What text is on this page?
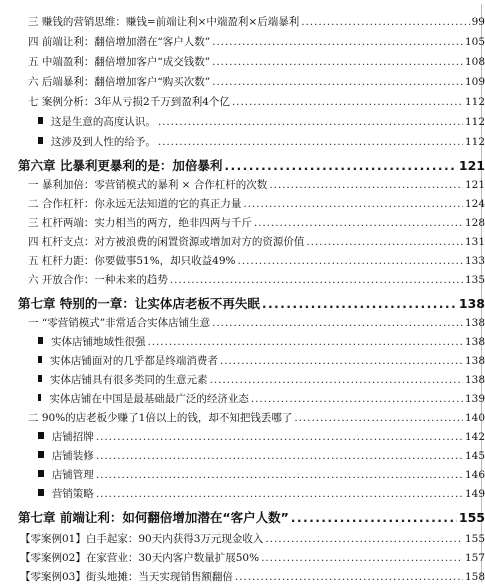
三 赚钱的营销思维：赚钱=前端让利×中端盈利×后端暴利 . . .	99
四 前端让利：翻倍增加潜在“客户人数” . . .	105
五 中端盈利：翻倍增加客户“成交钱数” . . .	108
六 后端暴利：翻倍增加客户“购买次数” . . .	109
七 案例分析：3年从亏损2千万到盈利4个亿 . . .	112
这是生意的高度认识。 . . .	112
这涉及到人性的给予。 . . .	112
第六章 比暴利更暴利的是：加倍暴利 . . .	121
一 暴利加倍：零营销模式的暴利 × 合作杠杆的次数 . . .	121
二 合作杠杆：你永远无法知道的它的真正力量 . . .	124
三 杠杆两端：实力相当的两方，绝非四两与千斤 . . .	128
四 杠杆支点：对方被浪费的闲置资源或增加对方的资源价值 . . .	131
五 杠杆力距：你要做事51%，却只收益49% . . .	133
六 开放合作：一种未来的趋势 . . .	135
第七章 特别的一章：让实体店老板不再失眠 . . .	138
一 “零营销模式”非常适合实体店铺生意 . . .	138
实体店铺地域性很强 . . .	138
实体店铺面对的几乎都是终端消费者 . . .	138
实体店铺具有很多类同的生意元素 . . .	138
实体店铺在中国是最基础最广泛的经济业态 . . .	139
二 90%的店老板少赚了1倍以上的钱，却不知把钱丢哪了 . . .	140
店铺招牌 . . .	142
店铺装修 . . .	145
店铺管理 . . .	146
营销策略 . . .	149
第七章 前端让利：如何翻倍增加潜在“客户人数” . . .	155
【零案例01】白手起家：90天内获得3万元现金收入 . . .	155
【零案例02】在家营业：30天内客户数量扩展50% . . .	157
【零案例03】街头地摊：当天实现销售额翻倍 . . .	158
